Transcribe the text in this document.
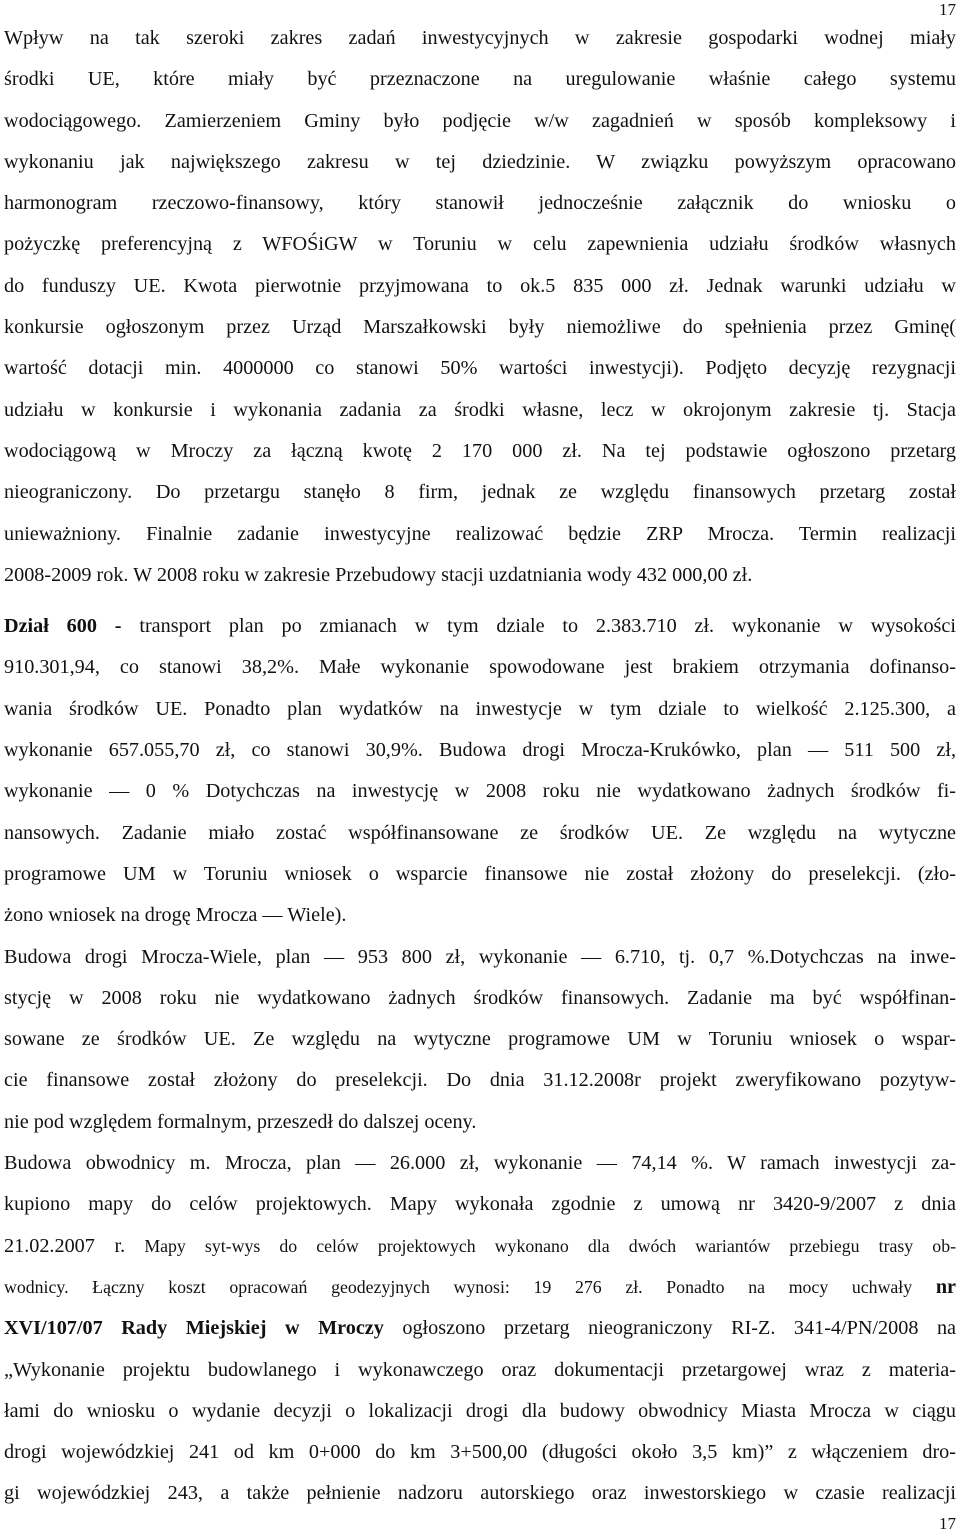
17
Wpływ na tak szeroki zakres zadań inwestycyjnych w zakresie gospodarki wodnej miały
środki UE, które miały być przeznaczone na uregulowanie właśnie całego systemu
wodociągowego. Zamierzeniem Gminy było podjęcie w/w zagadnień w sposób kompleksowy i
wykonaniu jak największego zakresu w tej dziedzinie. W związku powyższym opracowano
harmonogram rzeczowo-finansowy, który stanowił jednocześnie załącznik do wniosku o
pożyczkę preferencyjną z WFOŚiGW w Toruniu w celu zapewnienia udziału środków własnych
do funduszy UE. Kwota pierwotnie przyjmowana to ok.5 835 000 zł. Jednak warunki udziału w
konkursie ogłoszonym przez Urząd Marszałkowski były niemożliwe do spełnienia przez Gminę(
wartość dotacji min. 4000000 co stanowi 50% wartości inwestycji). Podjęto decyzję rezygnacji
udziału w konkursie i wykonania zadania za środki własne, lecz w okrojonym zakresie tj. Stacja
wodociągową w Mroczy za łączną kwotę 2 170 000 zł. Na tej podstawie ogłoszono przetarg
nieograniczony. Do przetargu stanęło 8 firm, jednak ze względu finansowych przetarg został
unieważniony. Finalnie zadanie inwestycyjne realizować będzie ZRP Mrocza. Termin realizacji
2008-2009 rok. W 2008 roku w zakresie Przebudowy stacji uzdatniania wody 432 000,00 zł.
Dział 600 - transport plan po zmianach w tym dziale to 2.383.710 zł. wykonanie w wysokości
910.301,94, co stanowi 38,2%. Małe wykonanie spowodowane jest brakiem otrzymania dofinanso-
wania środków UE. Ponadto plan wydatków na inwestycje w tym dziale to wielkość 2.125.300, a
wykonanie 657.055,70 zł, co stanowi 30,9%. Budowa drogi Mrocza-Krukówko, plan — 511 500 zł,
wykonanie — 0 % Dotychczas na inwestycję w 2008 roku nie wydatkowano żadnych środków fi-
nansowych. Zadanie miało zostać współfinansowane ze środków UE. Ze względu na wytyczne
programowe UM w Toruniu wniosek o wsparcie finansowe nie został złożony do preselekcji. (zło-
żono wniosek na drogę Mrocza — Wiele).
Budowa drogi Mrocza-Wiele, plan — 953 800 zł, wykonanie — 6.710, tj. 0,7 %.Dotychczas na inwe-
stycję w 2008 roku nie wydatkowano żadnych środków finansowych. Zadanie ma być współfinan-
sowane ze środków UE. Ze względu na wytyczne programowe UM w Toruniu wniosek o wspar-
cie finansowe został złożony do preselekcji. Do dnia 31.12.2008r projekt zweryfikowano pozytyw-
nie pod względem formalnym, przeszedł do dalszej oceny.
Budowa obwodnicy m. Mrocza, plan — 26.000 zł, wykonanie — 74,14 %. W ramach inwestycji za-
kupiono mapy do celów projektowych. Mapy wykonała zgodnie z umową nr 3420-9/2007 z dnia
21.02.2007 r. Mapy syt-wys do celów projektowych wykonano dla dwóch wariantów przebiegu trasy ob-
wodnicy. Łączny koszt opracowań geodezyjnych wynosi: 19 276 zł. Ponadto na mocy uchwały nr
XVI/107/07 Rady Miejskiej w Mroczy ogłoszono przetarg nieograniczony RI-Z. 341-4/PN/2008 na
„Wykonanie projektu budowlanego i wykonawczego oraz dokumentacji przetargowej wraz z materia-
łami do wniosku o wydanie decyzji o lokalizacji drogi dla budowy obwodnicy Miasta Mrocza w ciągu
drogi wojewódzkiej 241 od km 0+000 do km 3+500,00 (długości około 3,5 km)” z włączeniem dro-
gi wojewódzkiej 243, a także pełnienie nadzoru autorskiego oraz inwestorskiego w czasie realizacji
17
